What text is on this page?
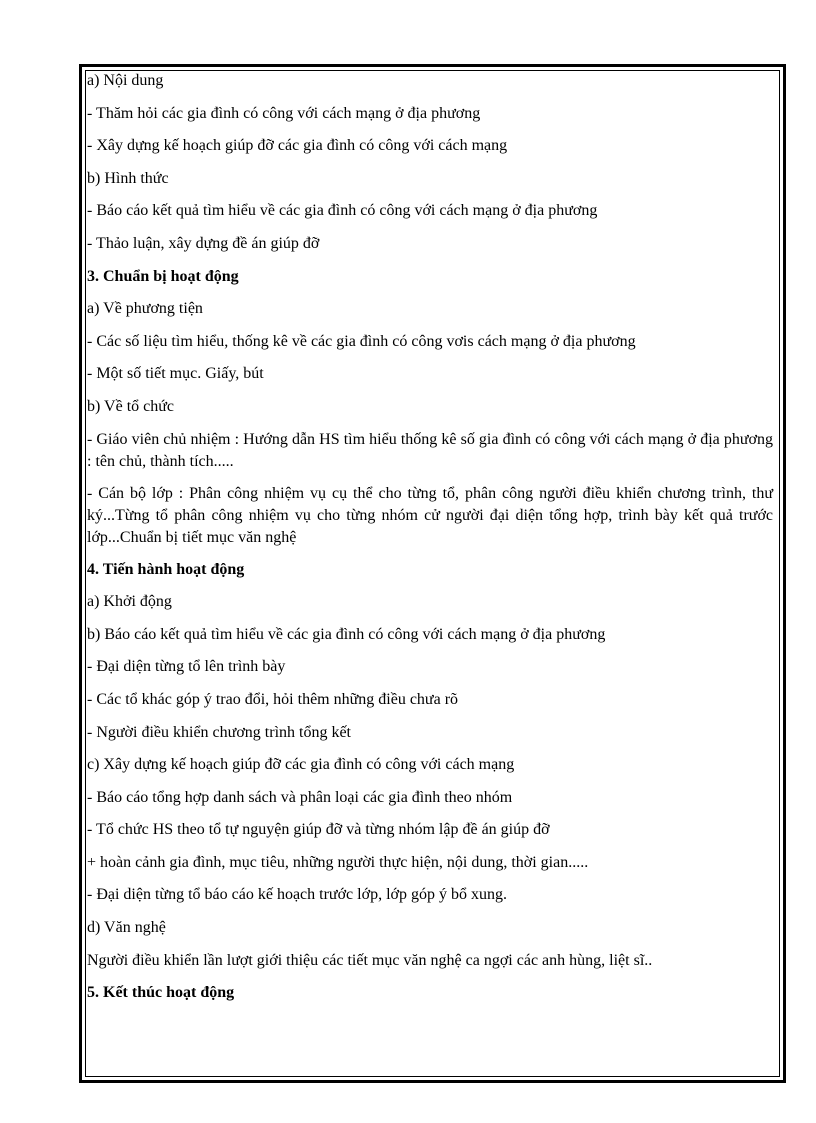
a) Nội dung

- Thăm hỏi các gia đình có công với cách mạng ở địa phương

- Xây dựng kế hoạch giúp đỡ các gia đình có công với cách mạng

b) Hình thức

- Báo cáo kết quả tìm hiểu về các gia đình có công với cách mạng ở địa phương

- Thảo luận, xây dựng đề án giúp đỡ

3. Chuẩn bị hoạt động

a) Về phương tiện

- Các số liệu tìm hiểu, thống kê về các gia đình có công vơis cách mạng ở địa phương

- Một số tiết mục. Giấy, bút

b) Về tổ chức

- Giáo viên chủ nhiệm : Hướng dẫn HS tìm hiểu thống kê số gia đình có công với cách mạng ở địa phương : tên chủ, thành tích.....

- Cán bộ lớp : Phân công nhiệm vụ cụ thể cho từng tổ, phân công người điều khiển chương trình, thư ký...Từng tổ phân công nhiệm vụ cho từng nhóm cử người đại diện tổng hợp, trình bày kết quả trước lớp...Chuẩn bị tiết mục văn nghệ

4. Tiến hành hoạt động

a) Khởi động

b) Báo cáo kết quả tìm hiểu về các gia đình có công với cách mạng ở địa phương

- Đại diện từng tổ lên trình bày

- Các tổ khác góp ý trao đổi, hỏi thêm những điều chưa rõ

- Người điều khiển chương trình tổng kết

c) Xây dựng kế hoạch giúp đỡ các gia đình có công với cách mạng

- Báo cáo tổng hợp danh sách và phân loại các gia đình theo nhóm

- Tổ chức HS theo tổ tự nguyện giúp đỡ và từng nhóm lập đề án giúp đỡ

+ hoàn cảnh gia đình, mục tiêu, những người thực hiện, nội dung, thời gian.....

- Đại diện từng tổ báo cáo kế hoạch trước lớp, lớp góp ý bổ xung.

d) Văn nghệ

Người điều khiển lần lượt giới thiệu các tiết mục văn nghệ ca ngợi các anh hùng, liệt sĩ..

5. Kết thúc hoạt động
